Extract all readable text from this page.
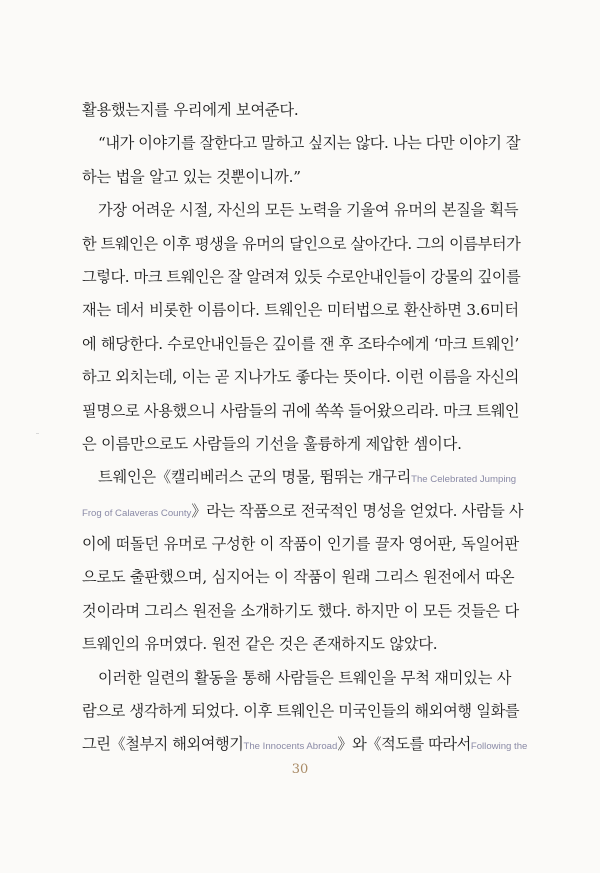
활용했는지를 우리에게 보여준다.
“내가 이야기를 잘한다고 말하고 싶지는 않다. 나는 다만 이야기 잘
하는 법을 알고 있는 것뿐이니까.”
가장 어려운 시절, 자신의 모든 노력을 기울여 유머의 본질을 획득
한 트웨인은 이후 평생을 유머의 달인으로 살아간다. 그의 이름부터가
그렇다. 마크 트웨인은 잘 알려져 있듯 수로안내인들이 강물의 깊이를
재는 데서 비롯한 이름이다. 트웨인은 미터법으로 환산하면 3.6미터
에 해당한다. 수로안내인들은 깊이를 잰 후 조타수에게 ‘마크 트웨인’
하고 외치는데, 이는 곧 지나가도 좋다는 뜻이다. 이런 이름을 자신의
필명으로 사용했으니 사람들의 귀에 쏙쏙 들어왔으리라. 마크 트웨인
은 이름만으로도 사람들의 기선을 훌륭하게 제압한 셈이다.
트웨인은《캘리베러스 군의 명물, 뜀뛰는 개구리The Celebrated Jumping
Frog of Calaveras County》라는 작품으로 전국적인 명성을 얻었다. 사람들 사
이에 떠돌던 유머로 구성한 이 작품이 인기를 끌자 영어판, 독일어판
으로도 출판했으며, 심지어는 이 작품이 원래 그리스 원전에서 따온
것이라며 그리스 원전을 소개하기도 했다. 하지만 이 모든 것들은 다
트웨인의 유머였다. 원전 같은 것은 존재하지도 않았다.
이러한 일련의 활동을 통해 사람들은 트웨인을 무척 재미있는 사
람으로 생각하게 되었다. 이후 트웨인은 미국인들의 해외여행 일화를
그린《철부지 해외여행기The Innocents Abroad》와《적도를 따라서Following the
30
